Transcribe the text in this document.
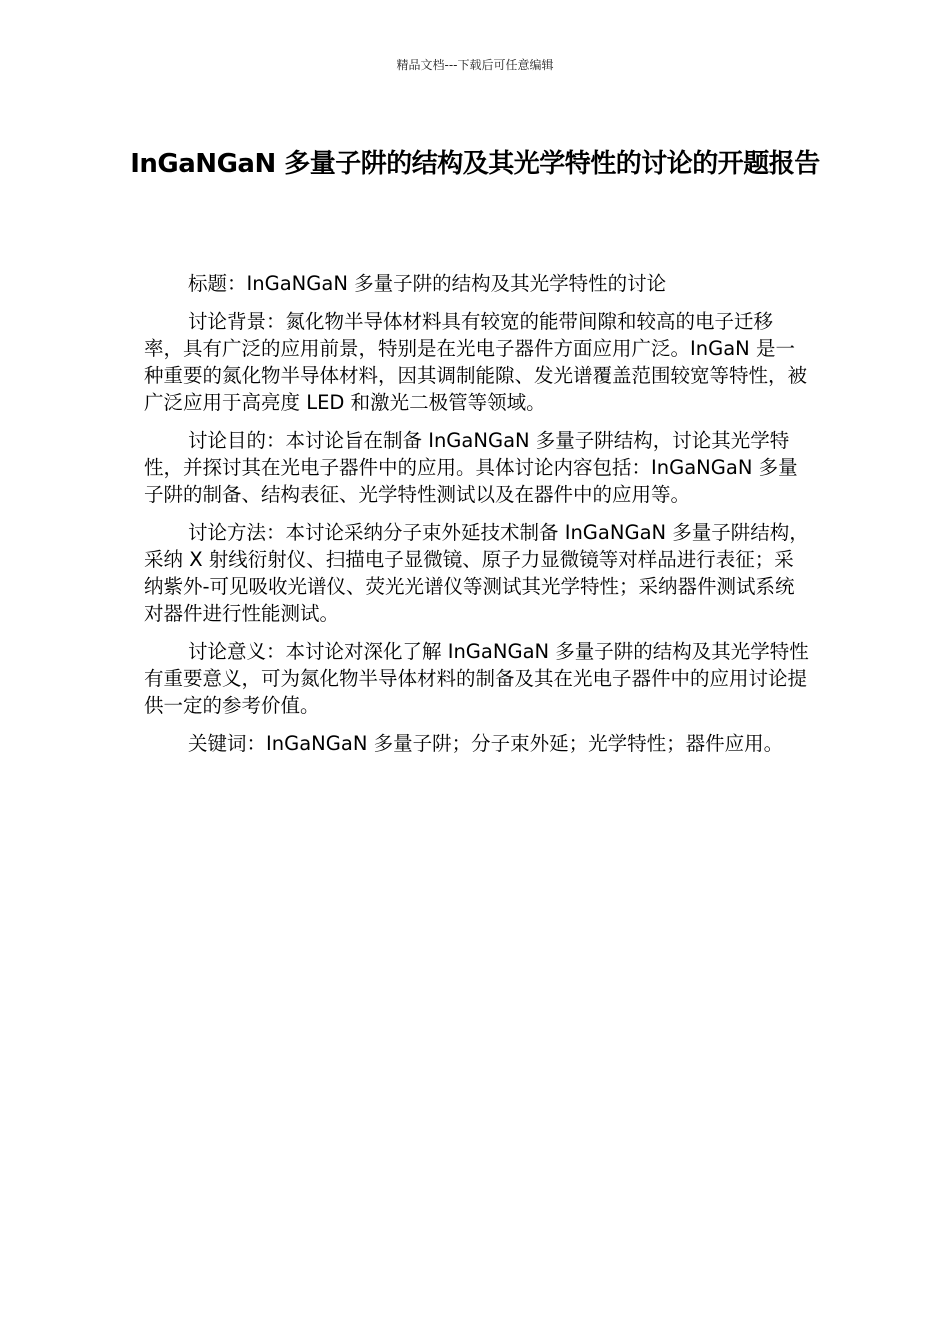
精品文档---下载后可任意编辑
InGaNGaN 多量子阱的结构及其光学特性的讨论的开题报告

标题：InGaNGaN 多量子阱的结构及其光学特性的讨论

讨论背景：氮化物半导体材料具有较宽的能带间隙和较高的电子迁移率，具有广泛的应用前景，特别是在光电子器件方面应用广泛。InGaN 是一种重要的氮化物半导体材料，因其调制能隙、发光谱覆盖范围较宽等特性，被广泛应用于高亮度 LED 和激光二极管等领域。

讨论目的：本讨论旨在制备 InGaNGaN 多量子阱结构，讨论其光学特性，并探讨其在光电子器件中的应用。具体讨论内容包括：InGaNGaN 多量子阱的制备、结构表征、光学特性测试以及在器件中的应用等。

讨论方法：本讨论采纳分子束外延技术制备 InGaNGaN 多量子阱结构，采纳 X 射线衍射仪、扫描电子显微镜、原子力显微镜等对样品进行表征；采纳紫外-可见吸收光谱仪、荧光光谱仪等测试其光学特性；采纳器件测试系统对器件进行性能测试。

讨论意义：本讨论对深化了解 InGaNGaN 多量子阱的结构及其光学特性有重要意义，可为氮化物半导体材料的制备及其在光电子器件中的应用讨论提供一定的参考价值。

关键词：InGaNGaN 多量子阱；分子束外延；光学特性；器件应用。
